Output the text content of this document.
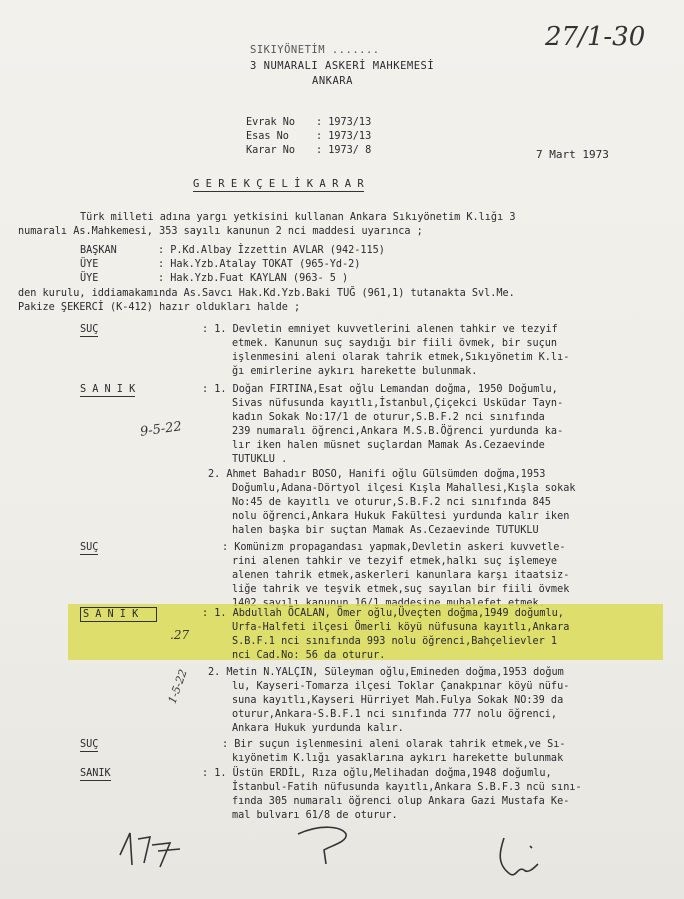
SIKIYÖNETİM .......
3 NUMARALI ASKERİ MAHKEMESİ
ANKARA
27/1-30
Evrak No : 1973/13
Esas No	: 1973/13
Karar No : 1973/ 8	7 Mart 1973
G E R E K Ç E L İ K A R A R
Türk milleti adına yargı yetkisini kullanan Ankara Sıkıyönetim K.lığı 3
numaralı As.Mahkemesi, 353 sayılı kanunun 2 nci maddesi uyarınca ;
BAŞKAN	: P.Kd.Albay İzzettin AVLAR (942-115)
ÜYE	: Hak.Yzb.Atalay TOKAT (965-Yd-2)
ÜYE	: Hak.Yzb.Fuat KAYLAN (963- 5 )
den kurulu, iddiamakamında As.Savcı Hak.Kd.Yzb.Baki TUĞ (961,1) tutanakta Svl.Me.
Pakize ŞEKERCİ (K-412) hazır oldukları halde ;
SUÇ	: 1. Devletin emniyet kuvvetlerini alenen tahkir ve tezyif
etmek. Kanunun suç saydığı bir fiili övmek, bir suçun
işlenmesini aleni olarak tahrik etmek,Sıkıyönetim K.lı-
ğı emirlerine aykırı harekette bulunmak.
S A N I K
9-5-22
: 1. Doğan FIRTINA,Esat oğlu Lemandan doğma, 1950 Doğumlu,
Sivas nüfusunda kayıtlı,İstanbul,Çiçekci Usküdar Tayn-
kadın Sokak No:17/1 de oturur,S.B.F.2 nci sınıfında
239 numaralı öğrenci,Ankara M.S.B.Öğrenci yurdunda ka-
lır iken halen müsnet suçlardan Mamak As.Cezaevinde
TUTUKLU .
2. Ahmet Bahadır BOSO, Hanifi oğlu Gülsümden doğma,1953
Doğumlu,Adana-Dörtyol ilçesi Kışla Mahallesi,Kışla sokak
No:45 de kayıtlı ve oturur,S.B.F.2 nci sınıfında 845
nolu öğrenci,Ankara Hukuk Fakültesi yurdunda kalır iken
halen başka bir suçtan Mamak As.Cezaevinde TUTUKLU
SUÇ	: Komünizm propagandası yapmak,Devletin askeri kuvvetle-
rini alenen tahkir ve tezyif etmek,halkı suç işlemeye
alenen tahrik etmek,askerleri kanunlara karşı itaatsiz-
liğe tahrik ve teşvik etmek,suç sayılan bir fiili övmek
S A N I K
.27
: 1. Abdullah ÖCALAN, Ömer oğlu,Üveçten doğma,1949 doğumlu,
Urfa-Halfeti ilçesi Ömerli köyü nüfusuna kayıtlı,Ankara
S.B.F.1 nci sınıfında 993 nolu öğrenci,Bahçelievler 1
nci Cad.No: 56 da oturur.
1-5-22 2. Metin N.YALÇIN, Süleyman oğlu,Emineden doğma,1953 doğum
lu, Kayseri-Tomarza ilçesi Toklar Çanakpınar köyü nüfu-
suna kayıtlı,Kayseri Hürriyet Mah.Fulya Sokak NO:39 da
oturur,Ankara-S.B.F.1 nci sınıfında 777 nolu öğrenci,
Ankara Hukuk yurdunda kalır.
SUÇ	: Bir suçun işlenmesini aleni olarak tahrik etmek,ve Sı-
kıyönetim K.lığı yasaklarına aykırı harekette bulunmak
SANIK	: 1. Üstün ERDİL, Rıza oğlu,Melihadan doğma,1948 doğumlu,
İstanbul-Fatih nüfusunda kayıtlı,Ankara S.B.F.3 ncü sını-
fında 305 numaralı öğrenci olup Ankara Gazi Mustafa Ke-
mal bulvarı 61/8 de oturur.
